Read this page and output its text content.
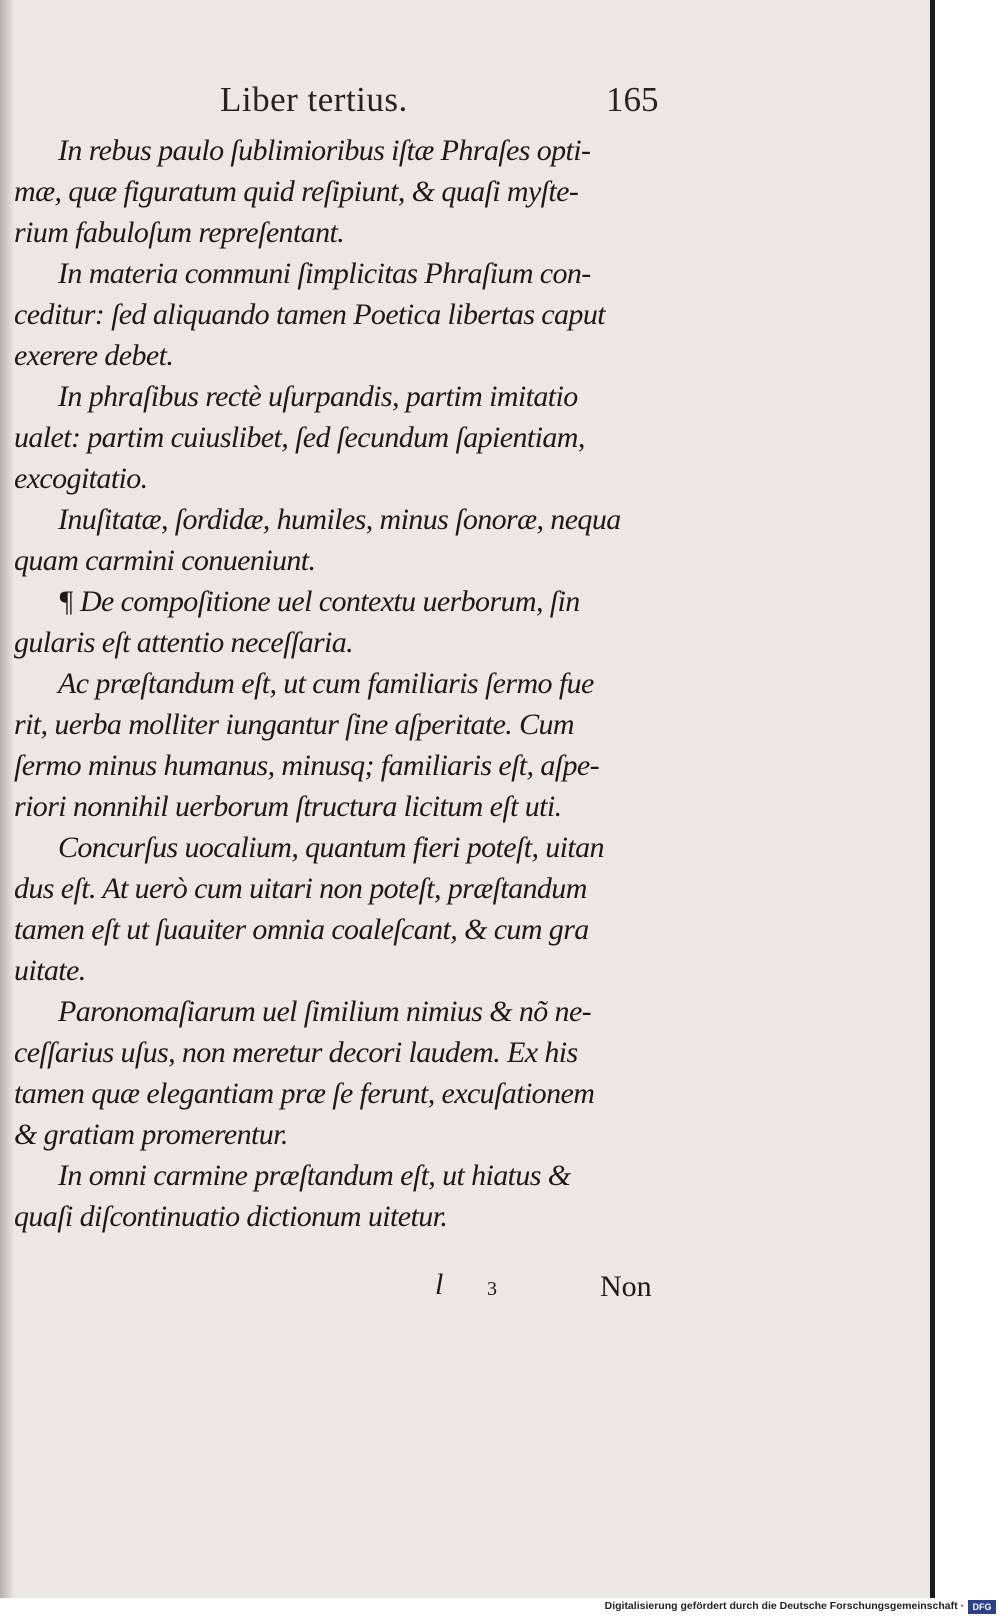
Liber tertius.	165

In rebus paulo ſublimioribus iſtæ Phraſes opti-
mæ, quæ figuratum quid reſipiunt, & quaſi myſte-
rium fabuloſum repreſentant.

In materia communi ſimplicitas Phraſium con-
ceditur: ſed aliquando tamen Poetica libertas caput
exerere debet.

In phraſibus rectè uſurpandis, partim imitatio
ualet: partim cuiuslibet, ſed ſecundum ſapientiam,
excogitatio.

Inuſitatæ, ſordidæ, humiles, minus ſonoræ, nequa
quam carmini conueniunt.

¶ De compoſitione uel contextu uerborum, ſin
gularis eſt attentio neceſſaria.

Ac præſtandum eſt, ut cum familiaris ſermo fue
rit, uerba molliter iungantur ſine aſperitate. Cum
ſermo minus humanus, minusq; familiaris eſt, aſpe-
riori nonnihil uerborum ſtructura licitum eſt uti.

Concurſus uocalium, quantum fieri poteſt, uitan
dus eſt. At uerò cum uitari non poteſt, præſtandum
tamen eſt ut ſuauiter omnia coaleſcant, & cum gra
uitate.

Paronomaſiarum uel ſimilium nimius & nõ ne-
ceſſarius uſus, non meretur decori laudem. Ex his
tamen quæ elegantiam præ ſe ferunt, excuſationem
& gratiam promerentur.

In omni carmine præſtandum eſt, ut hiatus &
quaſi diſcontinuatio dictionum uitetur.

l 3	Non
Digitalisierung gefördert durch die Deutsche Forschungsgemeinschaft · DFG
